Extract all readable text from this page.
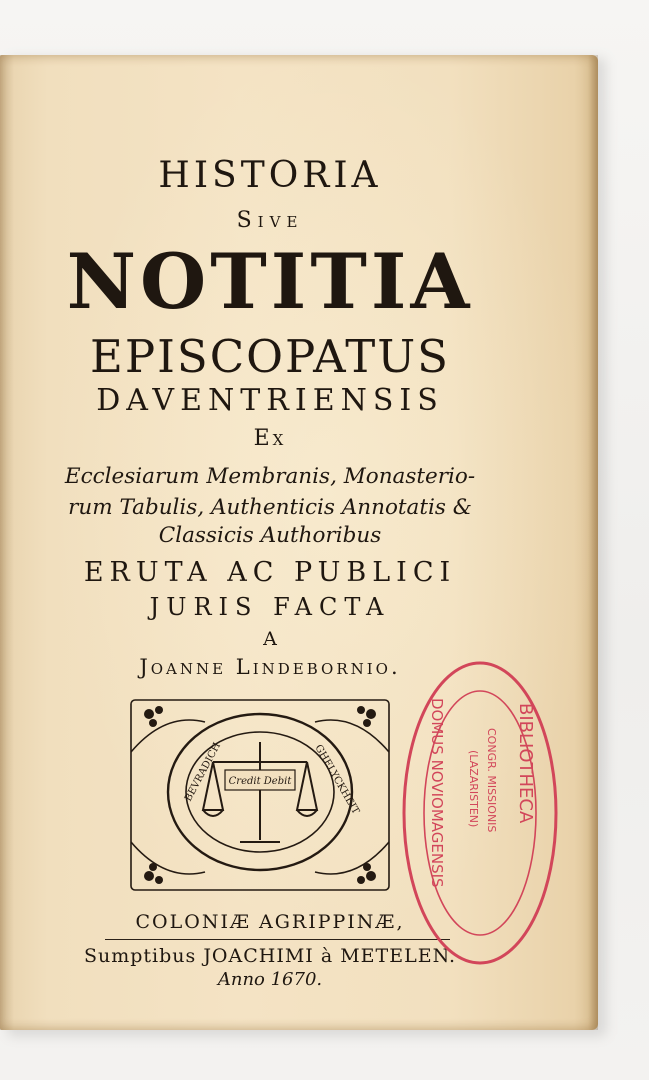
HISTORIA
Sive
NOTITIA
EPISCOPATUS
DAVENTRIENSIS
Ex
Ecclesiarum Membranis, Monasterio-
rum Tabulis, Authenticis Annotatis &
Classicis Authoribus
ERUTA AC PUBLICI
JURIS FACTA
A
Joanne Lindebornio.
BEVRADICH	GHELYCKHEIT
Credit Debit
COLONIÆ AGRIPPINÆ,
Sumptibus JOACHIMI à METELEN.
Anno 1670.
BIBLIOTHECA
DOMUS NOVIOMAGENSIS	CONGR. MISSIONIS
(LAZARISTEN)
